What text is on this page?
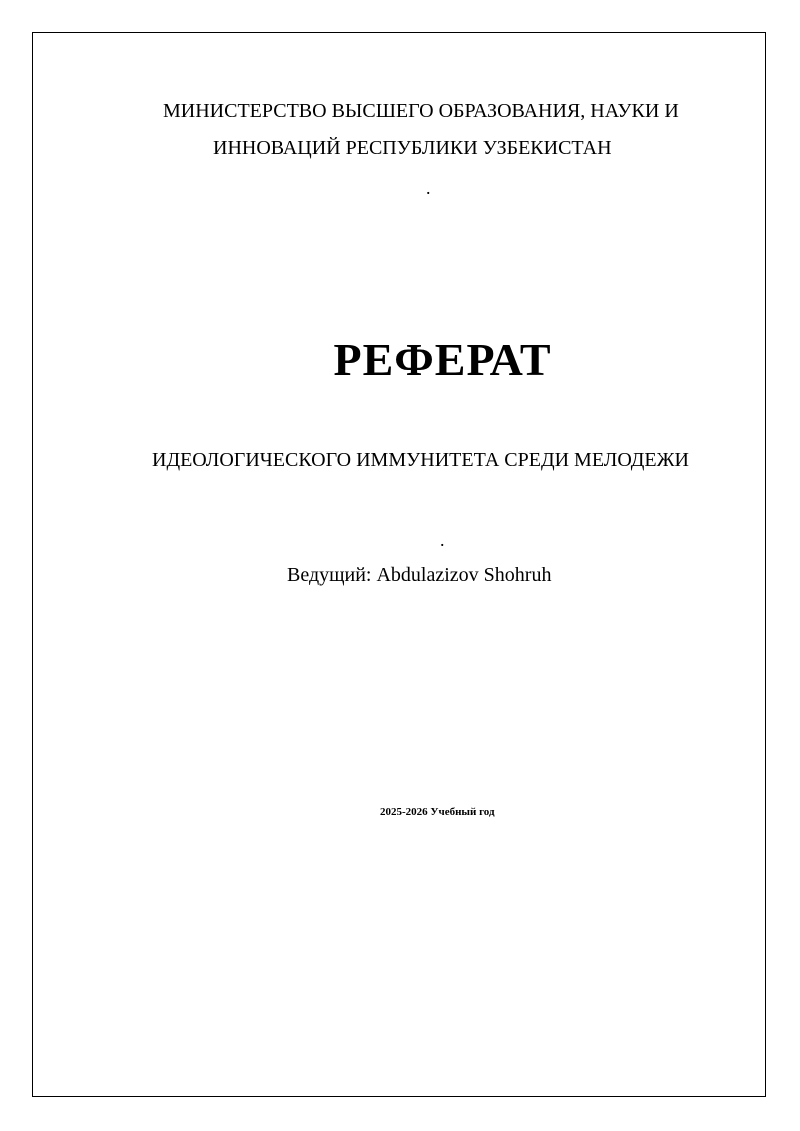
МИНИСТЕРСТВО ВЫСШЕГО ОБРАЗОВАНИЯ, НАУКИ И
ИННОВАЦИЙ РЕСПУБЛИКИ УЗБЕКИСТАН
.
РЕФЕРАТ
ИДЕОЛОГИЧЕСКОГО ИММУНИТЕТА СРЕДИ МЕЛОДЕЖИ
.
Ведущий: Abdulazizov Shohruh
2025-2026 Учебный год
